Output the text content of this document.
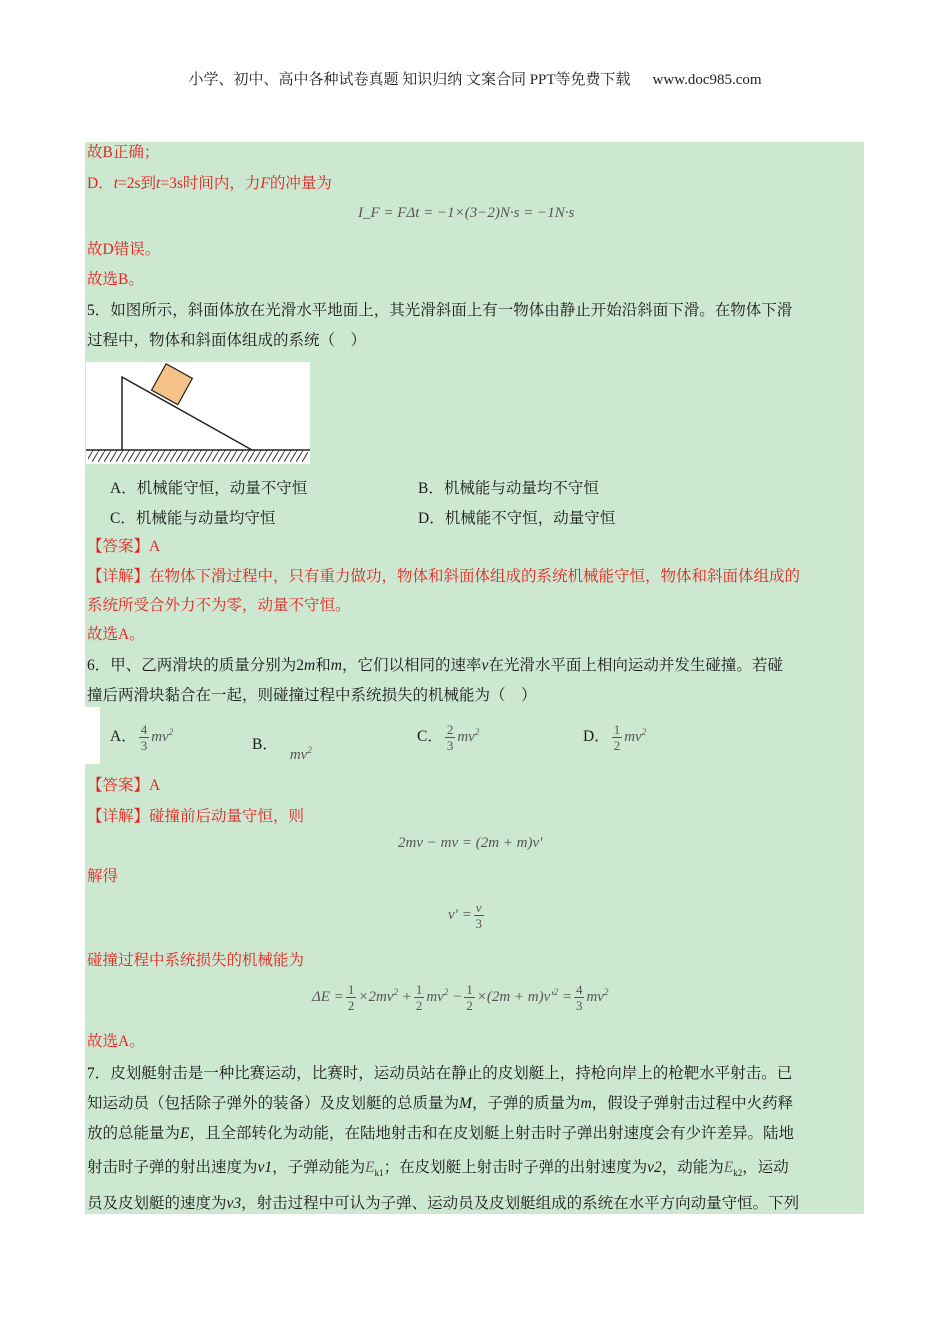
小学、初中、高中各种试卷真题 知识归纳 文案合同 PPT等免费下载 www.doc985.com
故B正确；
D．t=2s到t=3s时间内，力F的冲量为
I_F = FΔt = −1×(3−2)N·s = −1N·s
故D错误。
故选B。
5．如图所示，斜面体放在光滑水平地面上，其光滑斜面上有一物体由静止开始沿斜面下滑。在物体下滑
过程中，物体和斜面体组成的系统（　）
A．机械能守恒，动量不守恒	B．机械能与动量均不守恒
C．机械能与动量均守恒	D．机械能不守恒，动量守恒
【答案】A
【详解】在物体下滑过程中，只有重力做功，物体和斜面体组成的系统机械能守恒，物体和斜面体组成的
系统所受合外力不为零，动量不守恒。
故选A。
6．甲、乙两滑块的质量分别为2m和m，它们以相同的速率v在光滑水平面上相向运动并发生碰撞。若碰
撞后两滑块黏合在一起，则碰撞过程中系统损失的机械能为（　）
A． $\frac{4}{3} mv^2$
B．$mv^2$
C． $\frac{2}{3} mv^2$	D． $\frac{1}{2} mv^2$
【答案】A
【详解】碰撞前后动量守恒，则
2mv − mv = (2m + m)v′
解得
$v' = \frac{v}{3}$
碰撞过程中系统损失的机械能为
$\Delta E = \frac{1}{2} \times 2mv^2 + \frac{1}{2} mv^2 - \frac{1}{2} \times(2m + m)v'^2 = \frac{4}{3} mv^2$
故选A。
7．皮划艇射击是一种比赛运动，比赛时，运动员站在静止的皮划艇上，持枪向岸上的枪靶水平射击。已
知运动员（包括除子弹外的装备）及皮划艇的总质量为M，子弹的质量为m，假设子弹射击过程中火药释
放的总能量为E，且全部转化为动能，在陆地射击和在皮划艇上射击时子弹出射速度会有少许差异。陆地
射击时子弹的射出速度为v1，子弹动能为$E_{k1}$；在皮划艇上射击时子弹的出射速度为v2，动能为$E_{k2}$，运动
员及皮划艇的速度为v3，射击过程中可认为子弹、运动员及皮划艇组成的系统在水平方向动量守恒。下列
